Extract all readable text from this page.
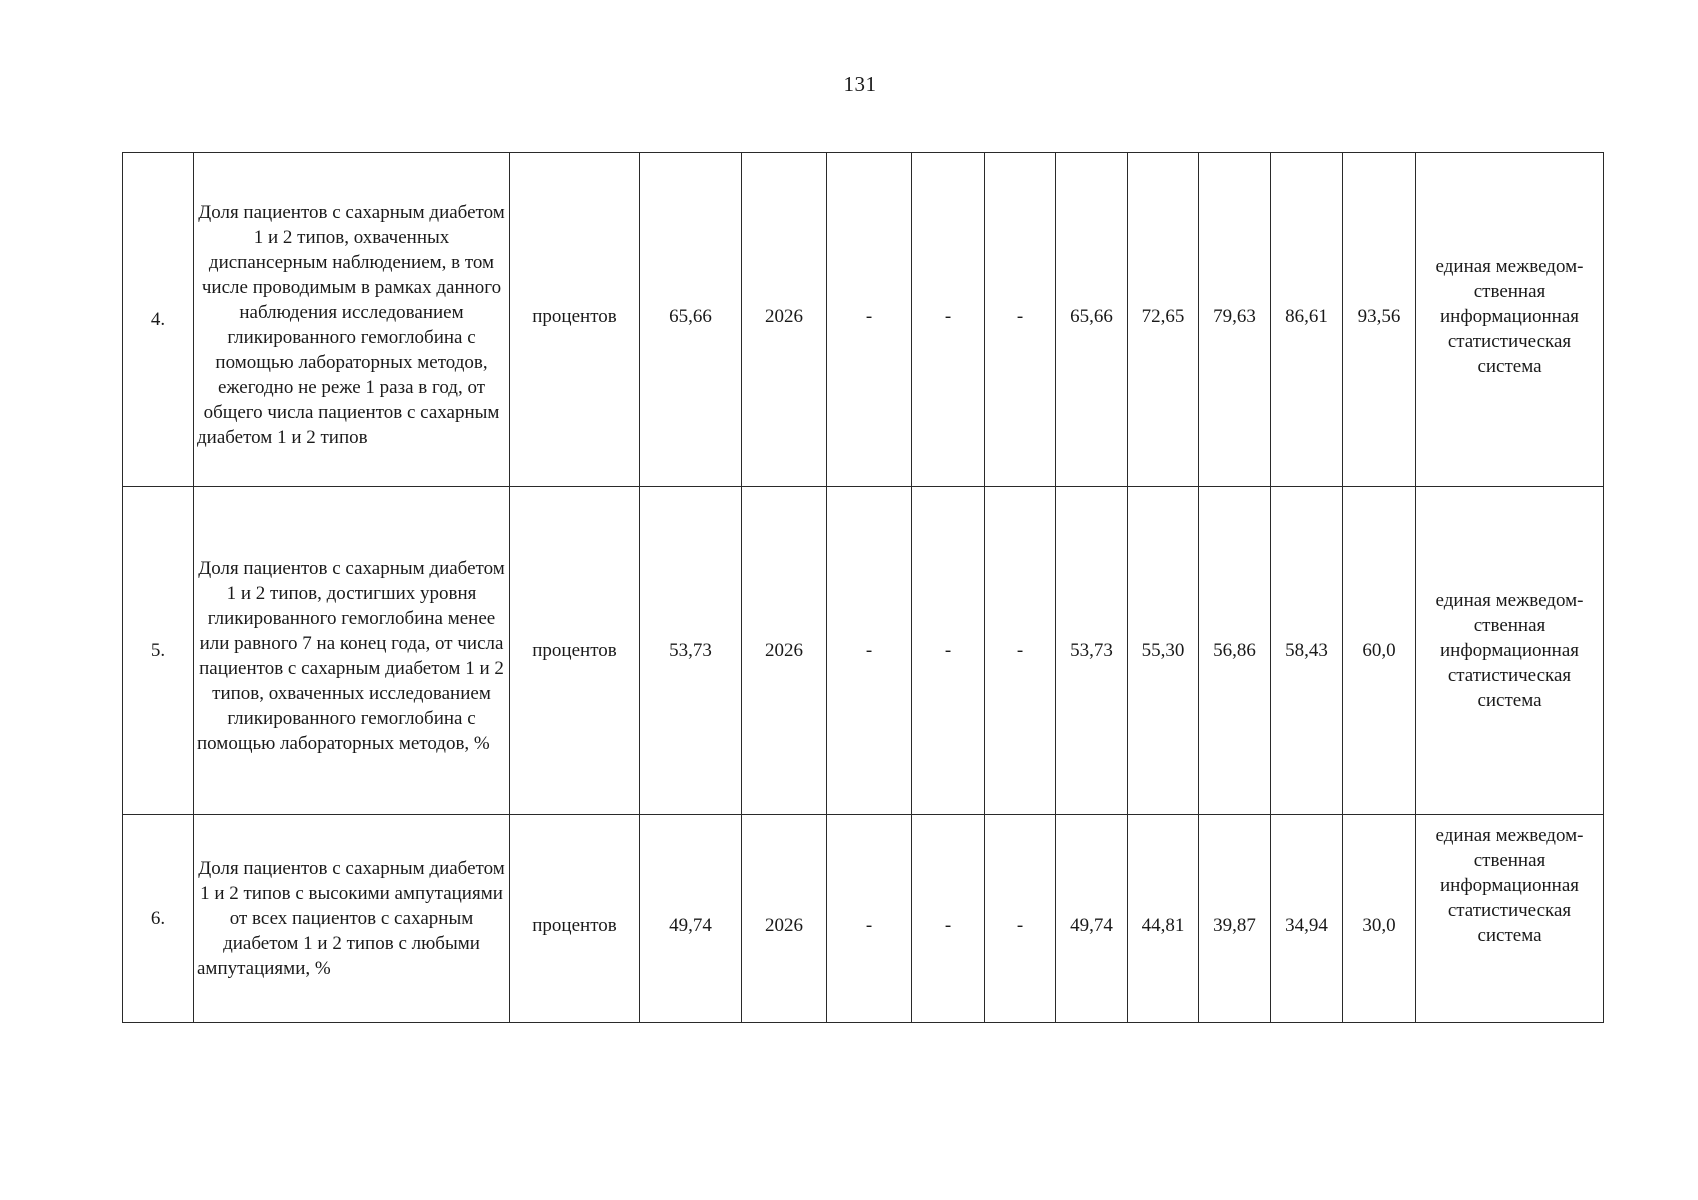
131
4.	Доля пациентов с сахарным диабетом 1 и 2 типов, охваченных диспансерным наблюдением, в том числе проводимым в рамках данного наблюдения исследованием гликированного гемоглобина с помощью лабораторных методов, ежегодно не реже 1 раза в год, от общего числа пациентов с сахарным диабетом 1 и 2 типов	процентов	65,66	2026	-	-	-	65,66	72,65	79,63	86,61	93,56	единая межведом-ственная информационная статистическая система

5.	Доля пациентов с сахарным диабетом 1 и 2 типов, достигших уровня гликированного гемоглобина менее или равного 7 на конец года, от числа пациентов с сахарным диабетом 1 и 2 типов, охваченных исследованием гликированного гемоглобина с помощью лабораторных методов, %	процентов	53,73	2026	-	-	-	53,73	55,30	56,86	58,43	60,0	единая межведом-ственная информационная статистическая система
6.	Доля пациентов с сахарным диабетом 1 и 2 типов с высокими ампутациями от всех пациентов с сахарным диабетом 1 и 2 типов с любыми ампутациями, %	процентов	49,74	2026	-	-	-	49,74	44,81	39,87	34,94	30,0	единая межведом-ственная информационная статистическая система
